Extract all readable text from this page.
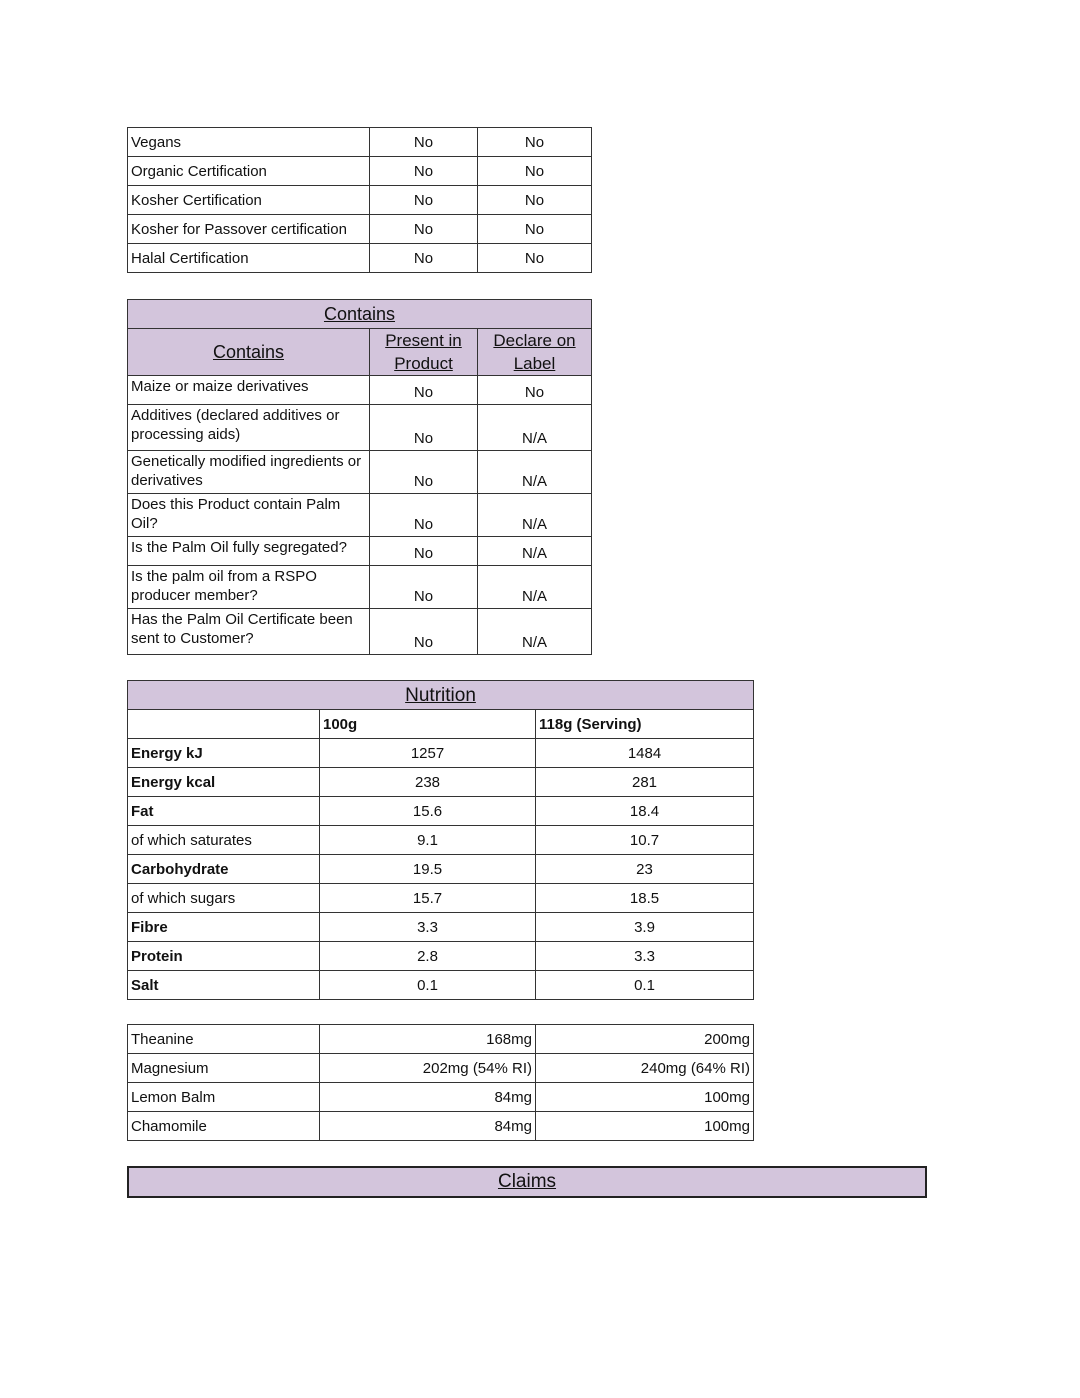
Vegans	No	No
Organic Certification	No	No
Kosher Certification	No	No
Kosher for Passover certification	No	No
Halal Certification	No	No
Contains		
Contains	Present in Product	Declare on Label
Maize or maize derivatives	No	No
Additives (declared additives or processing aids)	No	N/A
Genetically modified ingredients or derivatives	No	N/A
Does this Product contain Palm Oil?	No	N/A
Is the Palm Oil fully segregated?	No	N/A
Is the palm oil from a RSPO producer member?	No	N/A
Has the Palm Oil Certificate been sent to Customer?	No	N/A
Nutrition		
	100g	118g (Serving)
Energy kJ	1257	1484
Energy kcal	238	281
Fat	15.6	18.4
of which saturates	9.1	10.7
Carbohydrate	19.5	23
of which sugars	15.7	18.5
Fibre	3.3	3.9
Protein	2.8	3.3
Salt	0.1	0.1
Theanine	168mg	200mg
Magnesium	202mg (54% RI)	240mg (64% RI)
Lemon Balm	84mg	100mg
Chamomile	84mg	100mg
Claims
